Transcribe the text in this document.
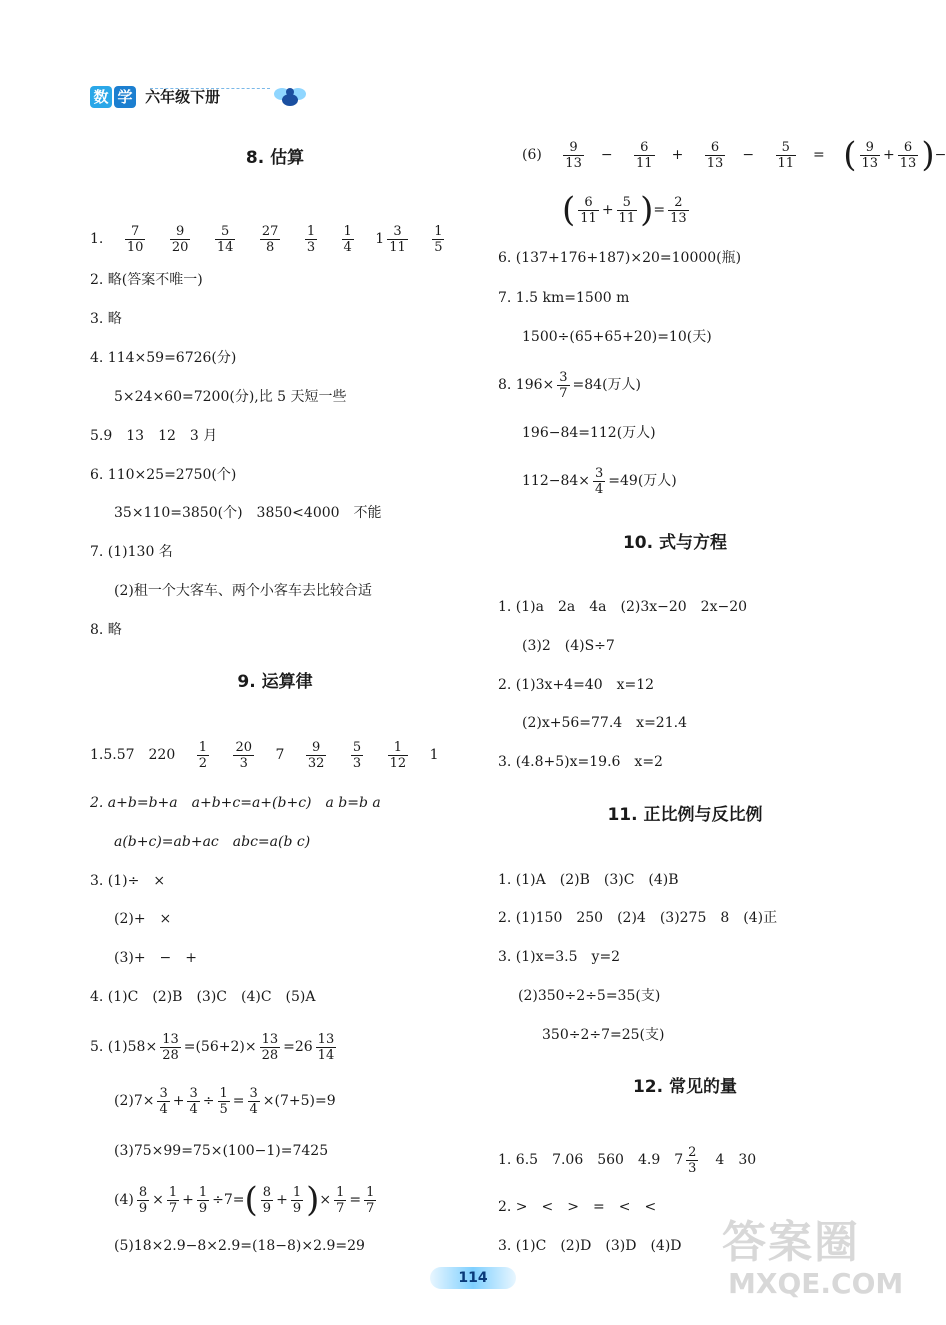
数 学 六年级下册
8. 估算
1. $\frac{7}{10}$
$\frac{9}{20}$
$\frac{5}{14}$
$\frac{27}{8}$
$\frac{1}{3}$
$\frac{1}{4} 1 \frac{3}{11}$
$\frac{1}{5}$
2. 略(答案不唯一)
3. 略
4. 114×59=6726(分)
5×24×60=7200(分),比 5 天短一些
5.9　13　12　3 月
6. 110×25=2750(个)
35×110=3850(个)　3850<4000　不能
7. (1)130 名
(2)租一个大客车、两个小客车去比较合适
8. 略
9. 运算律
1.5.57　$220 \frac{1}{2}$
$\frac{20}{3} 7 \frac{9}{32}$
$\frac{5}{3}$
$\frac{1}{12} 1$
2. a+b=b+a　a+b+c=a+(b+c)　a b=b a
a(b+c)=ab+ac　abc=a(b c)
3. (1)÷　×
(2)+　×
(3)+　−　+
4. (1)C　(2)B　(3)C　(4)C　(5)A
5. $(1)58\times \frac{13}{28} =(56+2)\times \frac{13}{28} =26 \frac{13}{14}$
$(2)7\times \frac{3}{4} + \frac{3}{4} \div \frac{1}{5} = \frac{3}{4} \times(7+5)=9$
(3)75×99=75×(100−1)=7425
$(4) \frac{8}{9} \times \frac{1}{7} + \frac{1}{9} \div 7=( \frac{8}{9} + \frac{1}{9}$ )× $\frac{1}{7} = \frac{1}{7}$
(5)18×2.9−8×2.9=(18−8)×2.9=29
$(6) \frac{9}{13} - \frac{6}{11} + \frac{6}{13} - \frac{5}{11}$ = ( $\frac{9}{13} + \frac{6}{13}$ )−
( $\frac{6}{11} + \frac{5}{11}$ )= $\frac{2}{13}$
6. (137+176+187)×20=10000(瓶)
7. 1.5 km=1500 m
1500÷(65+65+20)=10(天)
8. $196\times \frac{3}{7} =84$(万人)
196−84=112(万人)
$112-84\times \frac{3}{4} =49$(万人)
10. 式与方程
1. (1)a　2a　4a　(2)3x−20　2x−20
(3)2　(4)S÷7
2. (1)3x+4=40　x=12
(2)x+56=77.4　x=21.4
3. (4.8+5)x=19.6　x=2
11. 正比例与反比例
1. (1)A　(2)B　(3)C　(4)B
2. (1)150　250　(2)4　(3)275　8　(4)正
3. (1)x=3.5　y=2
(2)350÷2÷5=35(支)
350÷2÷7=25(支)
12. 常见的量
1. 6.5　7.06　560　4.9　$7 \frac{2}{3} 4$　30
2. >　<　>　=　<　<
3. (1)C　(2)D　(3)D　(4)D
114
答案圈
MXQE.COM
